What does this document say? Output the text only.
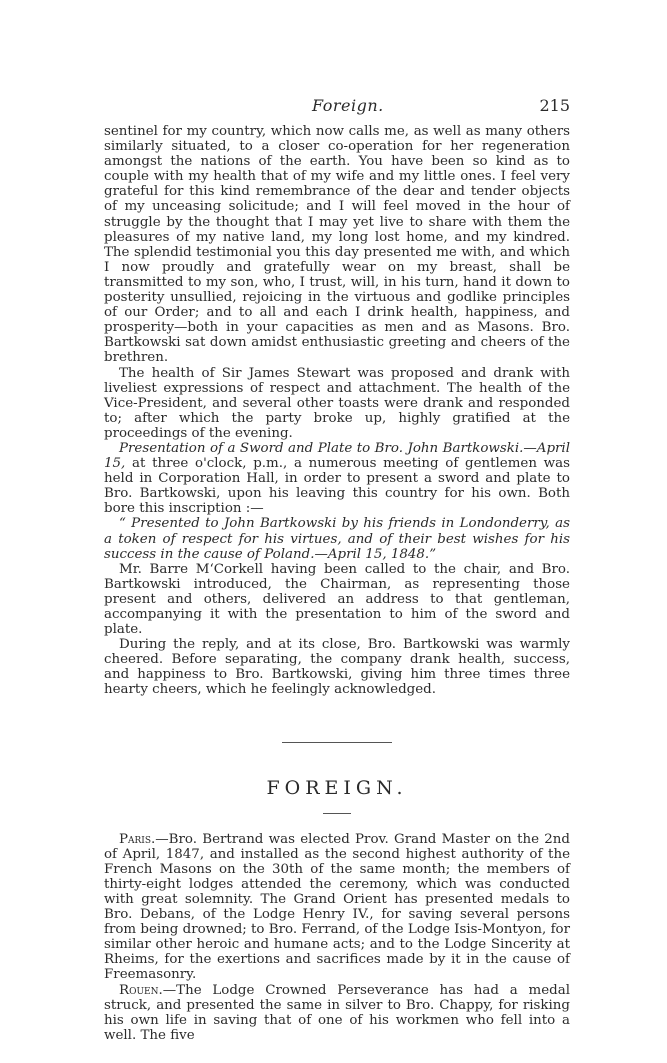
Foreign.	215

sentinel for my country, which now calls me, as well as many others similarly situated, to a closer co-operation for her regeneration amongst the nations of the earth. You have been so kind as to couple with my health that of my wife and my little ones. I feel very grateful for this kind remembrance of the dear and tender objects of my unceasing solicitude; and I will feel moved in the hour of struggle by the thought that I may yet live to share with them the pleasures of my native land, my long lost home, and my kindred. The splendid testimonial you this day presented me with, and which I now proudly and gratefully wear on my breast, shall be transmitted to my son, who, I trust, will, in his turn, hand it down to posterity unsullied, rejoicing in the virtuous and godlike principles of our Order; and to all and each I drink health, happiness, and prosperity—both in your capacities as men and as Masons. Bro. Bartkowski sat down amidst enthusiastic greeting and cheers of the brethren.

The health of Sir James Stewart was proposed and drank with liveliest expressions of respect and attachment. The health of the Vice-President, and several other toasts were drank and responded to; after which the party broke up, highly gratified at the proceedings of the evening.

Presentation of a Sword and Plate to Bro. John Bartkowski.—April 15, at three o'clock, p.m., a numerous meeting of gentlemen was held in Corporation Hall, in order to present a sword and plate to Bro. Bartkowski, upon his leaving this country for his own. Both bore this inscription :—

“ Presented to John Bartkowski by his friends in Londonderry, as a token of respect for his virtues, and of their best wishes for his success in the cause of Poland.—April 15, 1848.”

Mr. Barre M‘Corkell having been called to the chair, and Bro. Bartkowski introduced, the Chairman, as representing those present and others, delivered an address to that gentleman, accompanying it with the presentation to him of the sword and plate.

During the reply, and at its close, Bro. Bartkowski was warmly cheered. Before separating, the company drank health, success, and happiness to Bro. Bartkowski, giving him three times three hearty cheers, which he feelingly acknowledged.

FOREIGN.

Paris.—Bro. Bertrand was elected Prov. Grand Master on the 2nd of April, 1847, and installed as the second highest authority of the French Masons on the 30th of the same month; the members of thirty-eight lodges attended the ceremony, which was conducted with great solemnity. The Grand Orient has presented medals to Bro. Debans, of the Lodge Henry IV., for saving several persons from being drowned; to Bro. Ferrand, of the Lodge Isis-Montyon, for similar other heroic and humane acts; and to the Lodge Sincerity at Rheims, for the exertions and sacrifices made by it in the cause of Freemasonry.

Rouen.—The Lodge Crowned Perseverance has had a medal struck, and presented the same in silver to Bro. Chappy, for risking his own life in saving that of one of his workmen who fell into a well. The five
